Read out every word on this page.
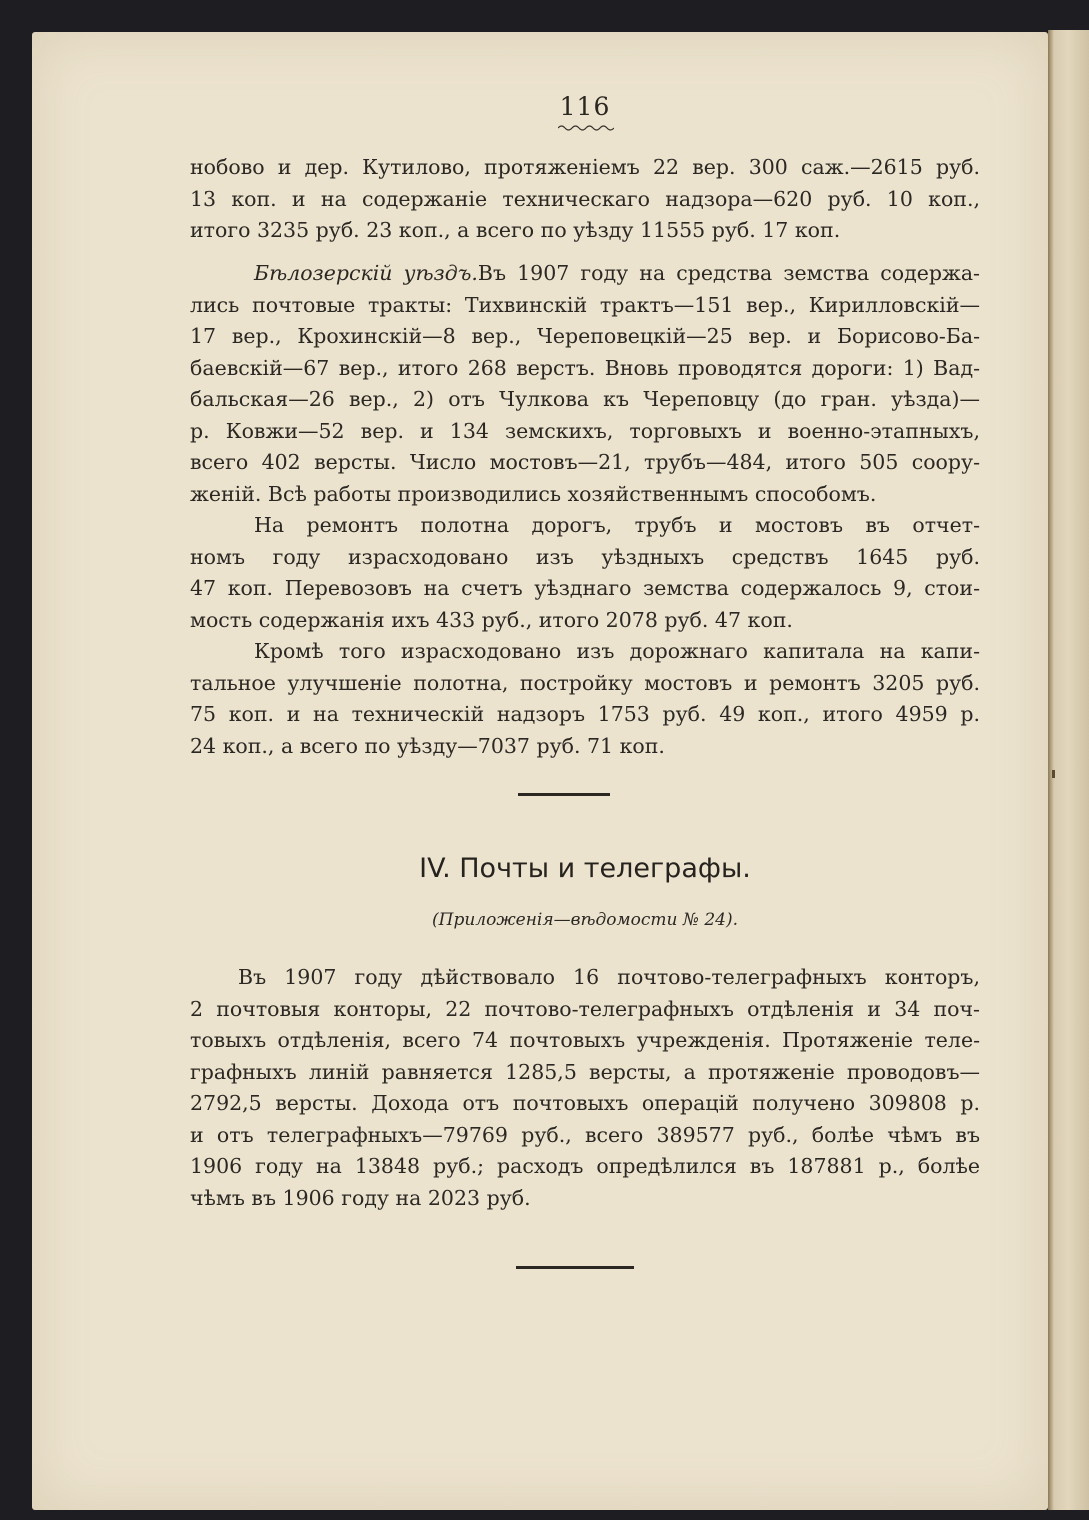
116
нобово и дер. Кутилово, протяженіемъ 22 вер. 300 саж.—2615 руб.
13 коп. и на содержаніе техническаго надзора—620 руб. 10 коп.,
итого 3235 руб. 23 коп., а всего по уѣзду 11555 руб. 17 коп.
Бѣлозерскій уѣздъ.Въ 1907 году на средства земства содержа-
лись почтовые тракты: Тихвинскій трактъ—151 вер., Кирилловскій—
17 вер., Крохинскій—8 вер., Череповецкій—25 вер. и Борисово-Ба-
баевскій—67 вер., итого 268 верстъ. Вновь проводятся дороги: 1) Вад-
бальская—26 вер., 2) отъ Чулкова къ Череповцу (до гран. уѣзда)—
р. Ковжи—52 вер. и 134 земскихъ, торговыхъ и военно-этапныхъ,
всего 402 версты. Число мостовъ—21, трубъ—484, итого 505 соору-
женій. Всѣ работы производились хозяйственнымъ способомъ.
На ремонтъ полотна дорогъ, трубъ и мостовъ въ отчет-
номъ году израсходовано изъ уѣздныхъ средствъ 1645 руб.
47 коп. Перевозовъ на счетъ уѣзднаго земства содержалось 9, стои-
мость содержанія ихъ 433 руб., итого 2078 руб. 47 коп.
Кромѣ того израсходовано изъ дорожнаго капитала на капи-
тальное улучшеніе полотна, постройку мостовъ и ремонтъ 3205 руб.
75 коп. и на техническій надзоръ 1753 руб. 49 коп., итого 4959 р.
24 коп., а всего по уѣзду—7037 руб. 71 коп.
IV. Почты и телеграфы.
(Приложенія—вѣдомости № 24).
Въ 1907 году дѣйствовало 16 почтово-телеграфныхъ конторъ,
2 почтовыя конторы, 22 почтово-телеграфныхъ отдѣленія и 34 поч-
товыхъ отдѣленія, всего 74 почтовыхъ учрежденія. Протяженіе теле-
графныхъ линій равняется 1285,5 версты, а протяженіе проводовъ—
2792,5 версты. Дохода отъ почтовыхъ операцій получено 309808 р.
и отъ телеграфныхъ—79769 руб., всего 389577 руб., болѣе чѣмъ въ
1906 году на 13848 руб.; расходъ опредѣлился въ 187881 р., болѣе
чѣмъ въ 1906 году на 2023 руб.
